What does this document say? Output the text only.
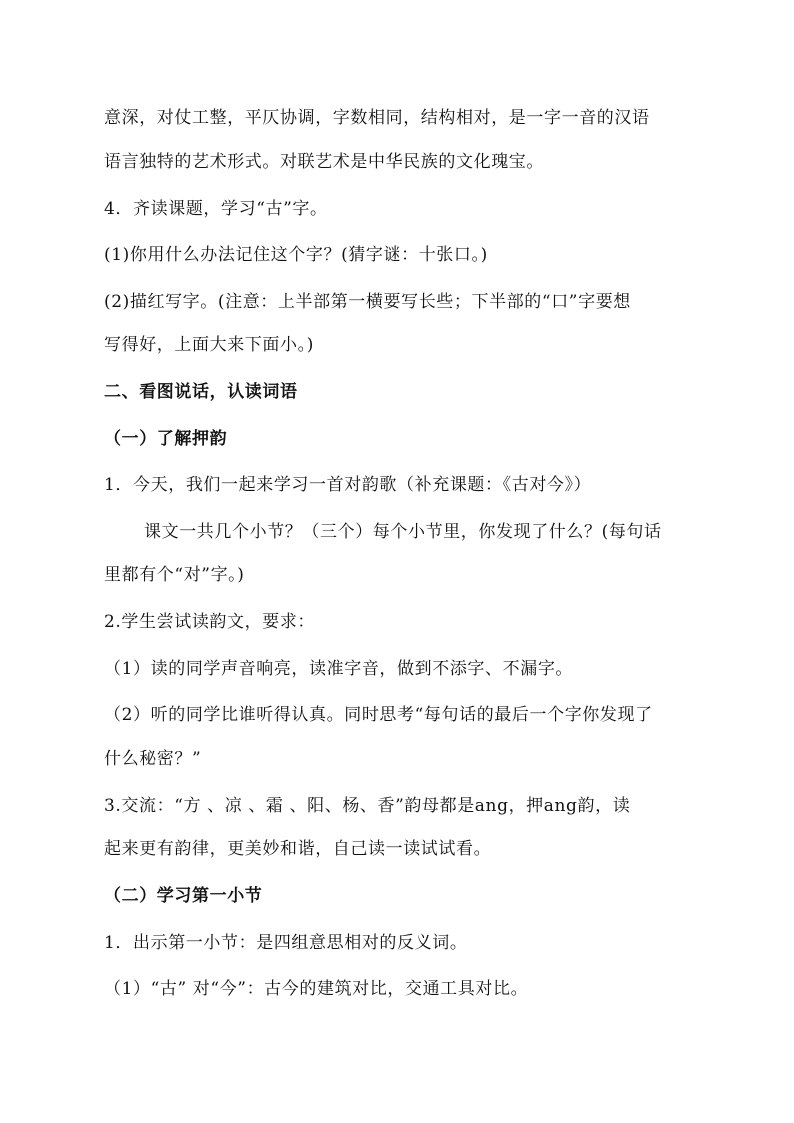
意深，对仗工整，平仄协调，字数相同，结构相对，是一字一音的汉语
语言独特的艺术形式。对联艺术是中华民族的文化瑰宝。
4．齐读课题，学习“古”字。
(1)你用什么办法记住这个字？(猜字谜：十张口。)
(2)描红写字。(注意：上半部第一横要写长些；下半部的“口”字要想
写得好，上面大来下面小。)
二、看图说话，认读词语
（一）了解押韵
1．今天，我们一起来学习一首对韵歌（补充课题：《古对今》）
课文一共几个小节？（三个）每个小节里，你发现了什么？(每句话
里都有个“对”字。)
2.学生尝试读韵文，要求：
（1）读的同学声音响亮，读准字音，做到不添字、不漏字。
（2）听的同学比谁听得认真。同时思考“每句话的最后一个字你发现了
什么秘密？”
3.交流：“方 、凉 、霜 、阳、杨、香”韵母都是ang，押ang韵，读
起来更有韵律，更美妙和谐，自己读一读试试看。
（二）学习第一小节
1．出示第一小节：是四组意思相对的反义词。
（1）“古” 对“今”：古今的建筑对比，交通工具对比。
